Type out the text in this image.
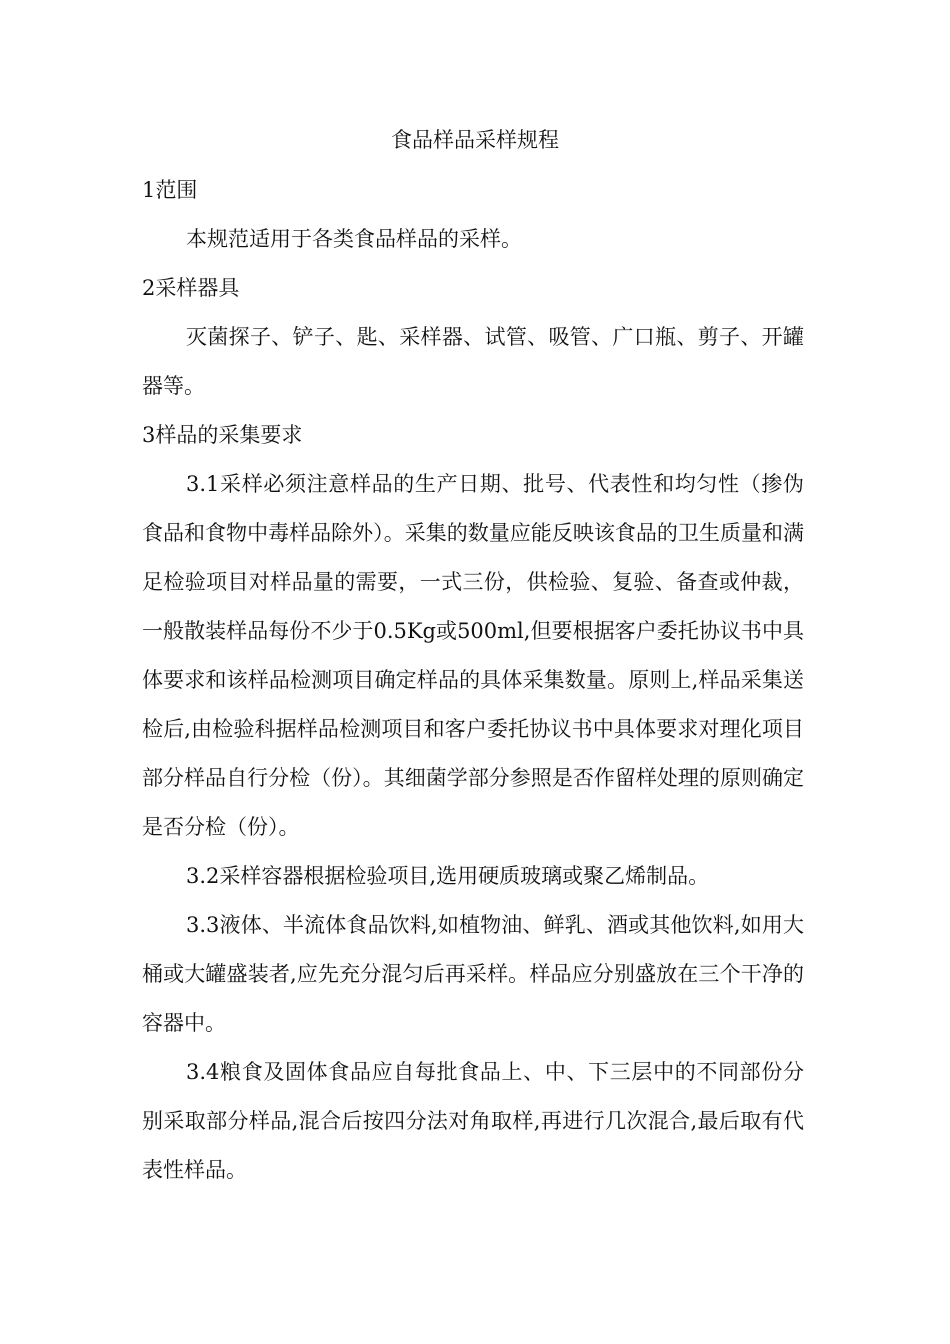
食品样品采样规程

1范围

本规范适用于各类食品样品的采样。

2采样器具

灭菌探子、铲子、匙、采样器、试管、吸管、广口瓶、剪子、开罐器等。

3样品的采集要求

3.1采样必须注意样品的生产日期、批号、代表性和均匀性（掺伪食品和食物中毒样品除外）。采集的数量应能反映该食品的卫生质量和满足检验项目对样品量的需要，一式三份，供检验、复验、备查或仲裁，一般散装样品每份不少于0.5Kg或500ml,但要根据客户委托协议书中具体要求和该样品检测项目确定样品的具体采集数量。原则上,样品采集送检后,由检验科据样品检测项目和客户委托协议书中具体要求对理化项目部分样品自行分检（份）。其细菌学部分参照是否作留样处理的原则确定是否分检（份）。

3.2采样容器根据检验项目,选用硬质玻璃或聚乙烯制品。

3.3液体、半流体食品饮料,如植物油、鲜乳、酒或其他饮料,如用大桶或大罐盛装者,应先充分混匀后再采样。样品应分别盛放在三个干净的容器中。

3.4粮食及固体食品应自每批食品上、中、下三层中的不同部份分别采取部分样品,混合后按四分法对角取样,再进行几次混合,最后取有代表性样品。
